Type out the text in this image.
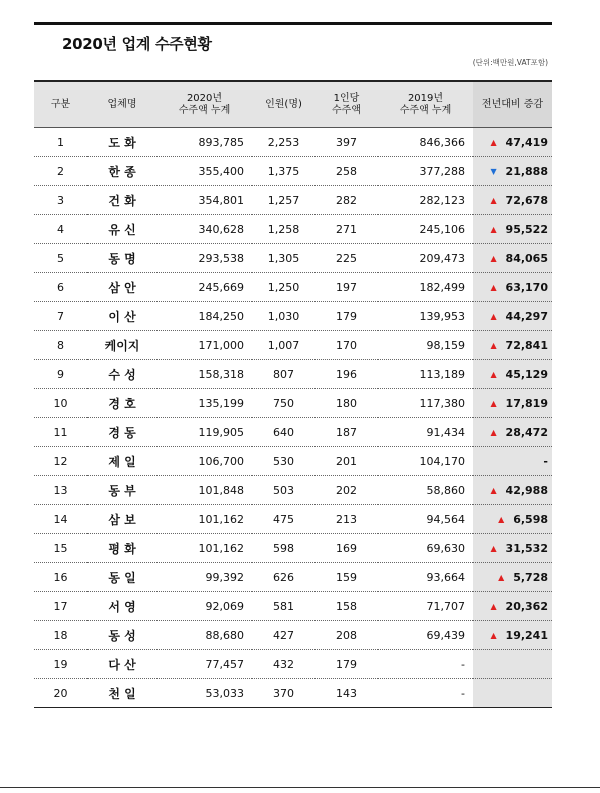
2020년 업계 수주현황
(단위:백만원,VAT포함)
구분	업체명	2020년
수주액 누계	인원(명)	1인당
수주액	2019년
수주액 누계	전년대비 증감
1	도 화	893,785	2,253	397	846,366	▲ 47,419
2	한 종	355,400	1,375	258	377,288	▼ 21,888
3	건 화	354,801	1,257	282	282,123	▲ 72,678
4	유 신	340,628	1,258	271	245,106	▲ 95,522
5	동 명	293,538	1,305	225	209,473	▲ 84,065
6	삼 안	245,669	1,250	197	182,499	▲ 63,170
7	이 산	184,250	1,030	179	139,953	▲ 44,297
8	케이지	171,000	1,007	170	98,159	▲ 72,841
9	수 성	158,318	807	196	113,189	▲ 45,129
10	경 호	135,199	750	180	117,380	▲ 17,819
11	경 동	119,905	640	187	91,434	▲ 28,472
12	제 일	106,700	530	201	104,170	-
13	동 부	101,848	503	202	58,860	▲ 42,988
14	삼 보	101,162	475	213	94,564	▲ 6,598
15	평 화	101,162	598	169	69,630	▲ 31,532
16	동 일	99,392	626	159	93,664	▲ 5,728
17	서 영	92,069	581	158	71,707	▲ 20,362
18	동 성	88,680	427	208	69,439	▲ 19,241
19	다 산	77,457	432	179	-	
20	천 일	53,033	370	143	-	
